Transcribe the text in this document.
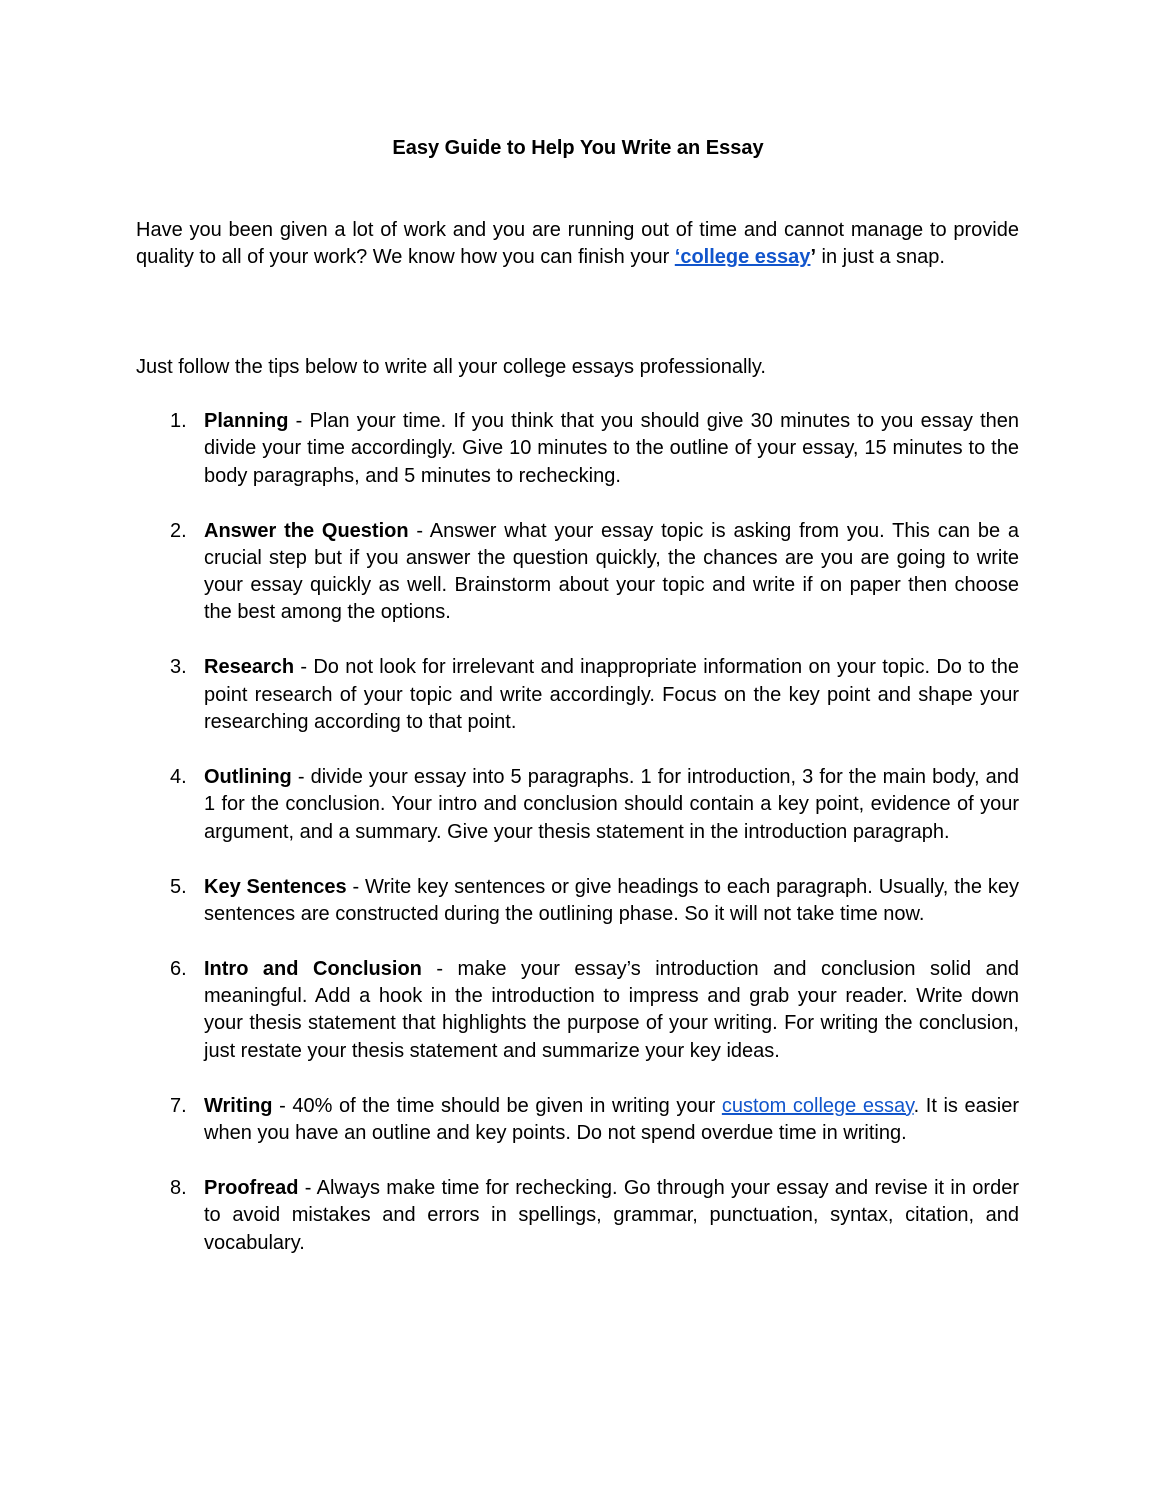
Easy Guide to Help You Write an Essay

Have you been given a lot of work and you are running out of time and cannot manage to provide quality to all of your work? We know how you can finish your ‘college essay’ in just a snap.

Just follow the tips below to write all your college essays professionally.

1. Planning - Plan your time. If you think that you should give 30 minutes to you essay then divide your time accordingly. Give 10 minutes to the outline of your essay, 15 minutes to the body paragraphs, and 5 minutes to rechecking.
2. Answer the Question - Answer what your essay topic is asking from you. This can be a crucial step but if you answer the question quickly, the chances are you are going to write your essay quickly as well. Brainstorm about your topic and write if on paper then choose the best among the options.
3. Research - Do not look for irrelevant and inappropriate information on your topic. Do to the point research of your topic and write accordingly. Focus on the key point and shape your researching according to that point.
4. Outlining - divide your essay into 5 paragraphs. 1 for introduction, 3 for the main body, and 1 for the conclusion. Your intro and conclusion should contain a key point, evidence of your argument, and a summary. Give your thesis statement in the introduction paragraph.
5. Key Sentences - Write key sentences or give headings to each paragraph. Usually, the key sentences are constructed during the outlining phase. So it will not take time now.
6. Intro and Conclusion - make your essay’s introduction and conclusion solid and meaningful. Add a hook in the introduction to impress and grab your reader. Write down your thesis statement that highlights the purpose of your writing. For writing the conclusion, just restate your thesis statement and summarize your key ideas.
7. Writing - 40% of the time should be given in writing your custom college essay. It is easier when you have an outline and key points. Do not spend overdue time in writing.
8. Proofread - Always make time for rechecking. Go through your essay and revise it in order to avoid mistakes and errors in spellings, grammar, punctuation, syntax, citation, and vocabulary.
